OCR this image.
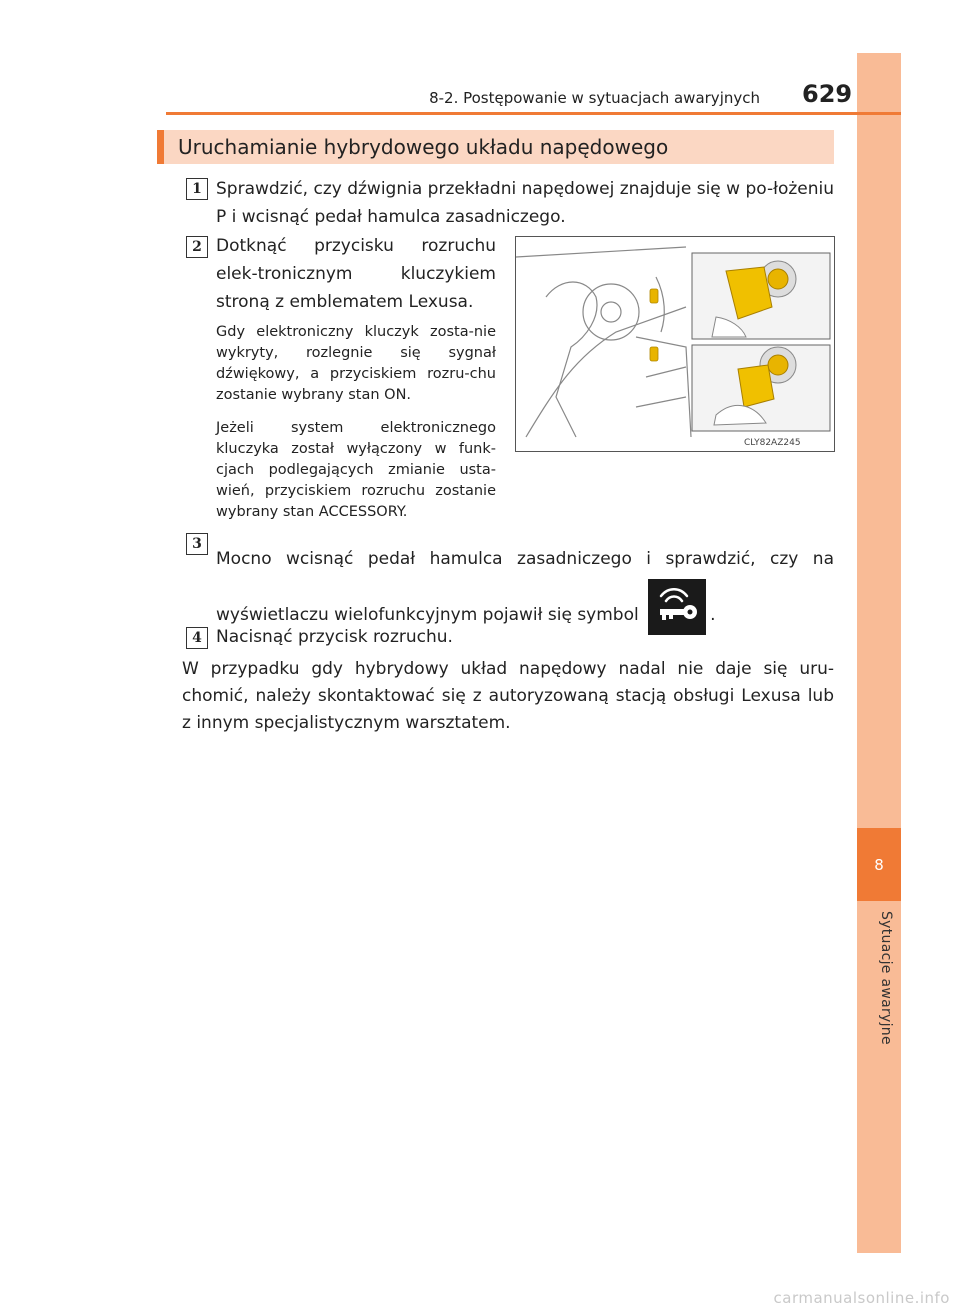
8
Sytuacje awaryjne
8-2. Postępowanie w sytuacjach awaryjnych 629
Uruchamianie hybrydowego układu napędowego
1 Sprawdzić, czy dźwignia przekładni napędowej znajduje się w po-łożeniu P i wcisnąć pedał hamulca zasadniczego.
2 Dotknąć przycisku rozruchu elek-tronicznym kluczykiem stroną z emblematem Lexusa.
Gdy elektroniczny kluczyk zosta-nie wykryty, rozlegnie się sygnał dźwiękowy, a przyciskiem rozru-chu zostanie wybrany stan ON.
Jeżeli system elektronicznego kluczyka został wyłączony w funk-cjach podlegających zmianie usta-wień, przyciskiem rozruchu zostanie wybrany stan ACCESSORY.
CLY82AZ245
3
Mocno wcisnąć pedał hamulca zasadniczego i sprawdzić, czy na wyświetlaczu wielofunkcyjnym pojawił się symbol	.
4 Nacisnąć przycisk rozruchu.
W przypadku gdy hybrydowy układ napędowy nadal nie daje się uru-chomić, należy skontaktować się z autoryzowaną stacją obsługi Lexusa lub z innym specjalistycznym warsztatem.
carmanualsonline.info
